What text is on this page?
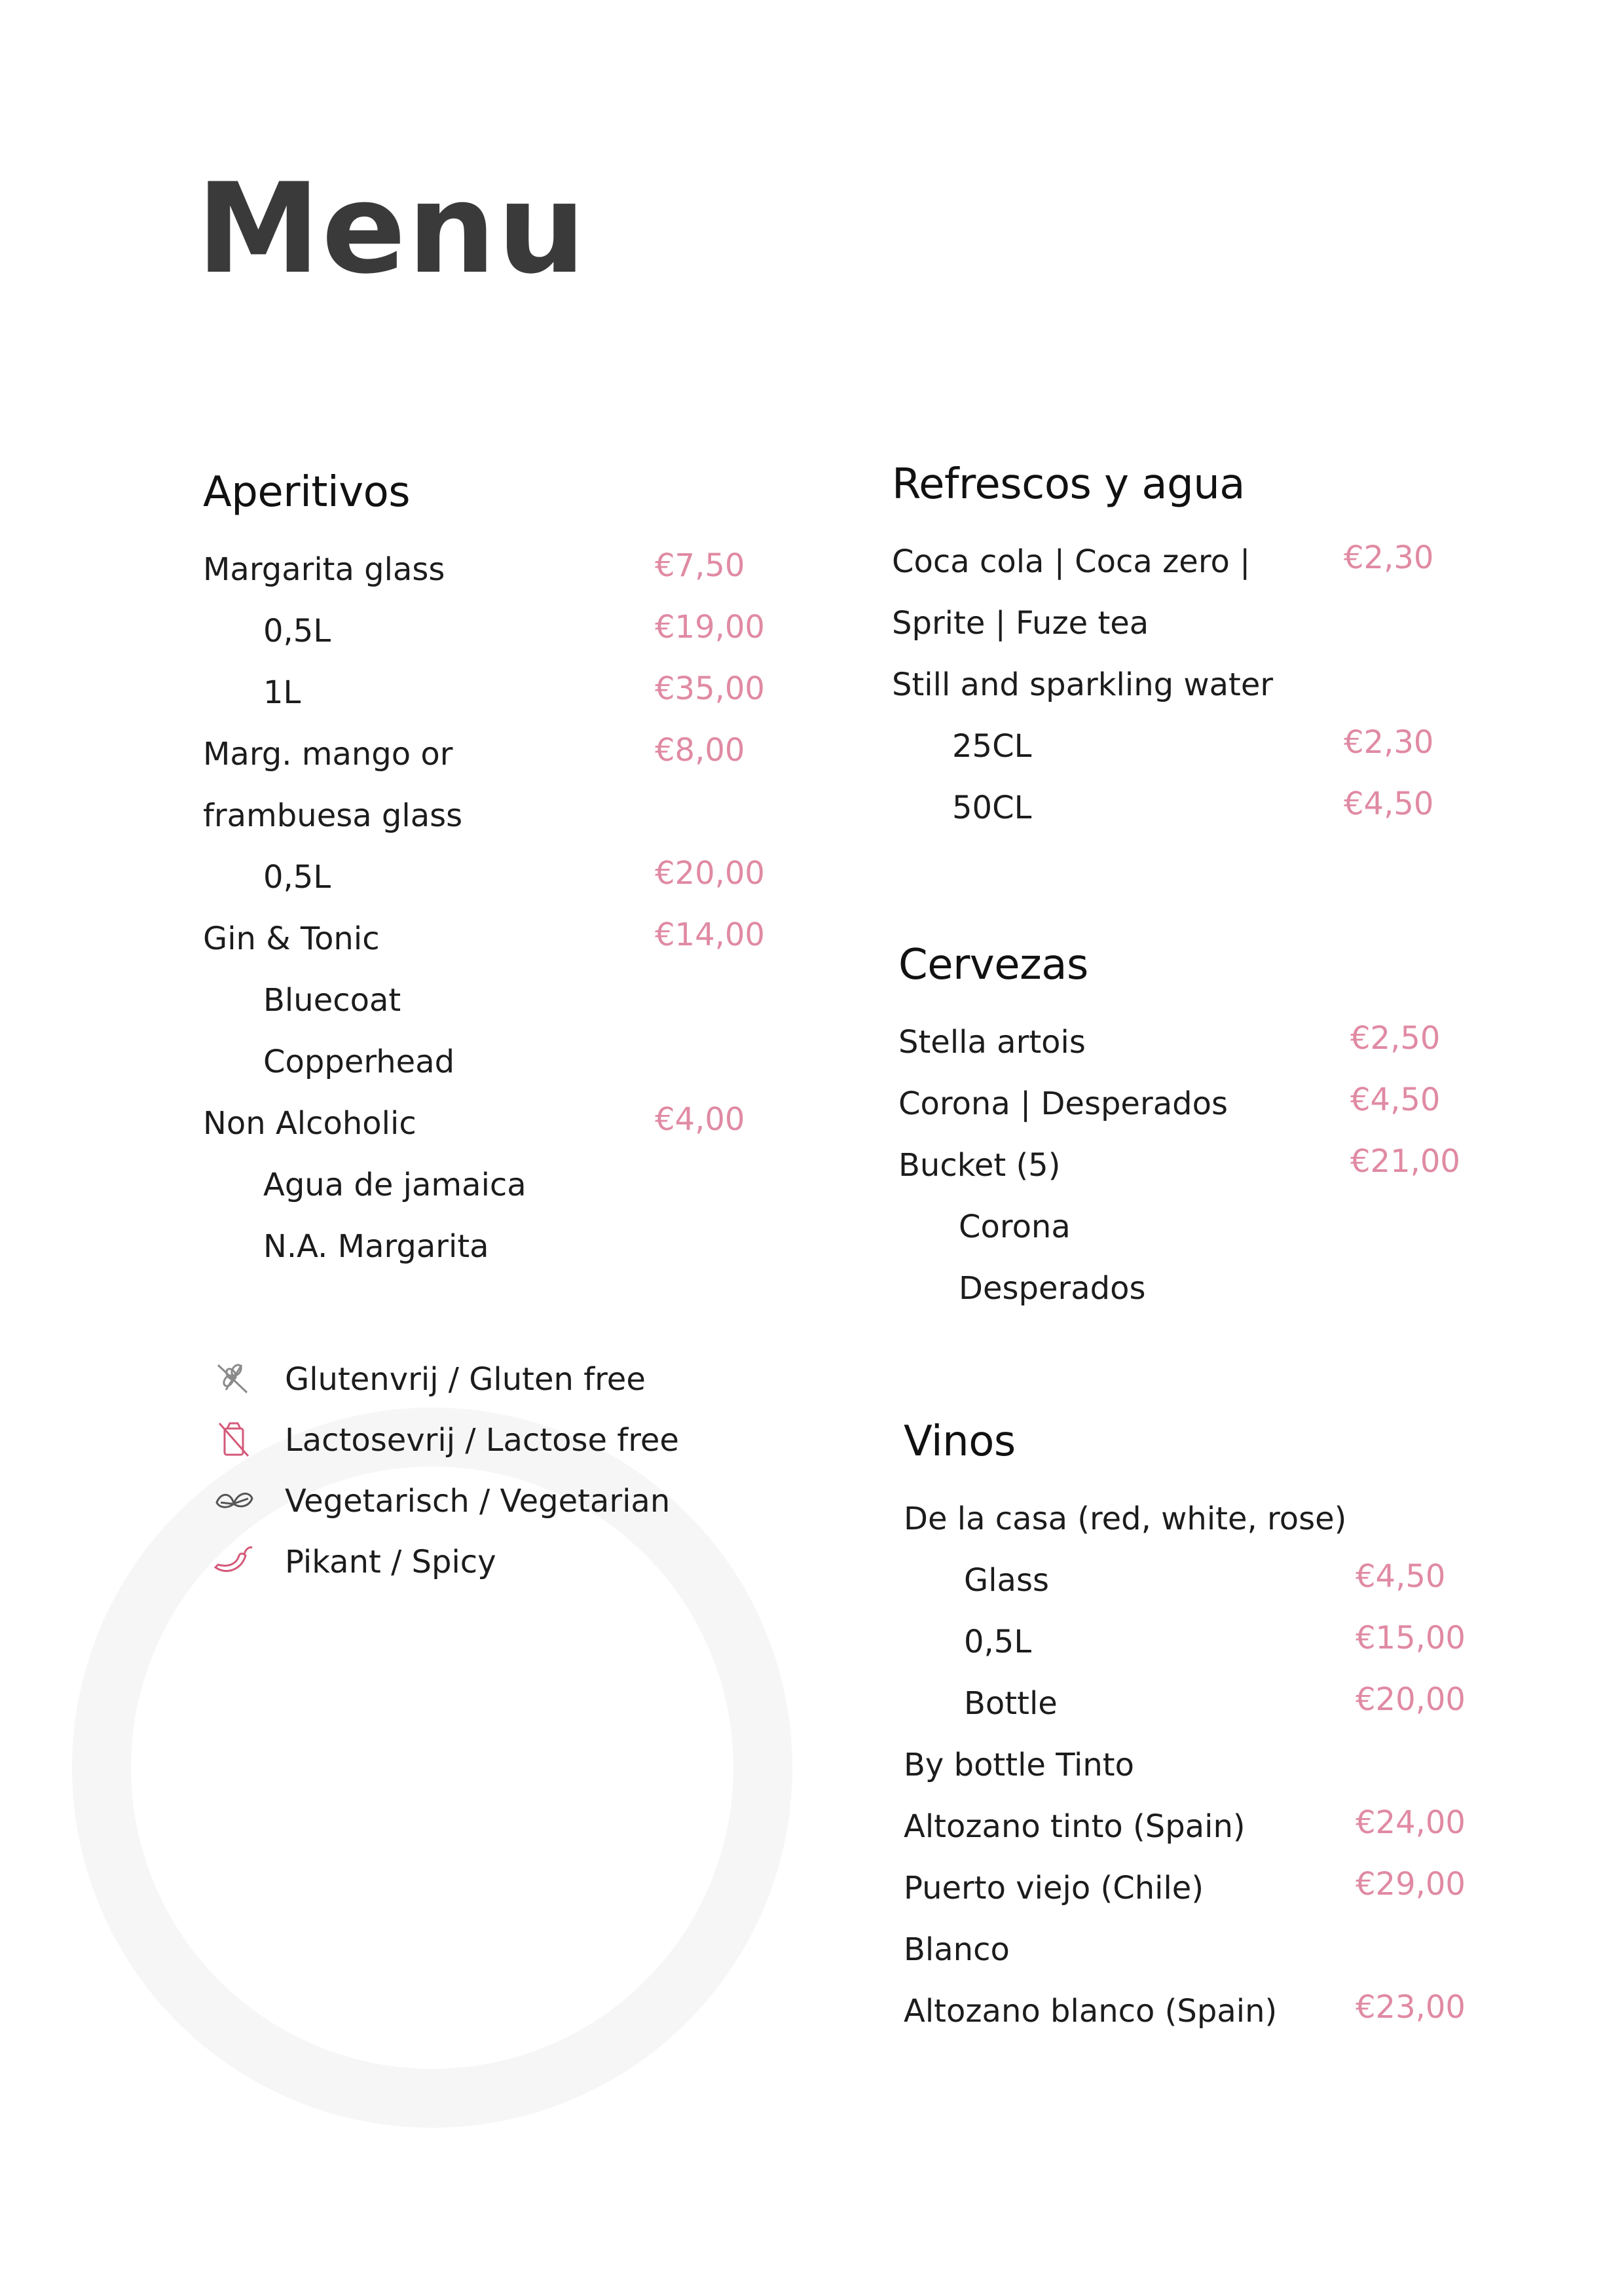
Menu
Aperitivos
Margarita glass	€7,50
0,5L	€19,00
1L	€35,00
Marg. mango or	€8,00
frambuesa glass
0,5L	€20,00
Gin & Tonic	€14,00
Bluecoat
Copperhead
Non Alcoholic	€4,00
Agua de jamaica
N.A. Margarita
Refrescos y agua
Coca cola | Coca zero |	€2,30
Sprite | Fuze tea
Still and sparkling water
25CL	€2,30
50CL	€4,50
Cervezas
Stella artois	€2,50
Corona | Desperados	€4,50
Bucket (5)	€21,00
Corona
Desperados
Vinos
De la casa (red, white, rose)
Glass	€4,50
0,5L	€15,00
Bottle	€20,00
By bottle Tinto
Altozano tinto (Spain)	€24,00
Puerto viejo (Chile)	€29,00
Blanco
Altozano blanco (Spain) €23,00
Glutenvrij / Gluten free
Lactosevrij / Lactose free
Vegetarisch / Vegetarian
Pikant / Spicy
